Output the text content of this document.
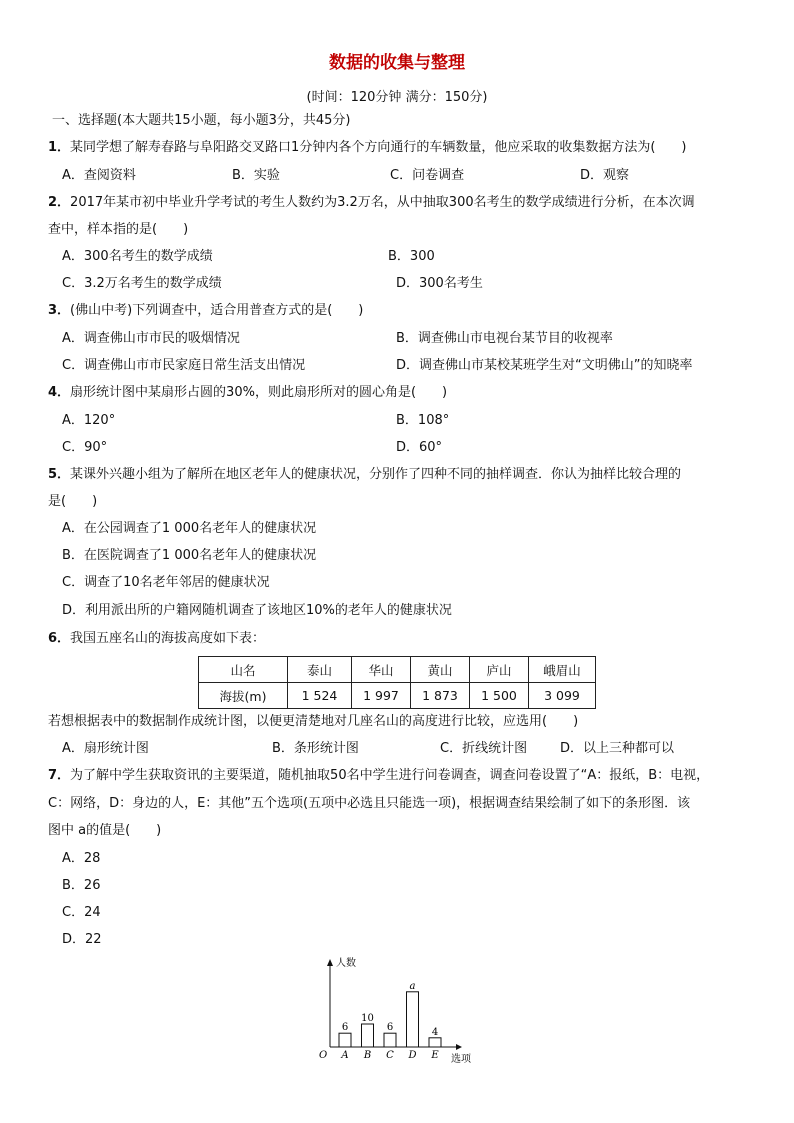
数据的收集与整理
(时间：120分钟 满分：150分)
一、选择题(本大题共15小题，每小题3分，共45分)
1．某同学想了解寿春路与阜阳路交叉路口1分钟内各个方向通行的车辆数量，他应采取的收集数据方法为(　　)
A．查阅资料	B．实验	C．问卷调查	D．观察
2．2017年某市初中毕业升学考试的考生人数约为3.2万名，从中抽取300名考生的数学成绩进行分析，在本次调
查中，样本指的是(　　)
A．300名考生的数学成绩	B．300
C．3.2万名考生的数学成绩	D．300名考生
3．(佛山中考)下列调查中，适合用普查方式的是(　　)
A．调查佛山市市民的吸烟情况	B．调查佛山市电视台某节目的收视率
C．调查佛山市市民家庭日常生活支出情况	D．调查佛山市某校某班学生对“文明佛山”的知晓率
4．扇形统计图中某扇形占圆的30%，则此扇形所对的圆心角是(　　)
A．120°	B．108°
C．90°	D．60°
5．某课外兴趣小组为了解所在地区老年人的健康状况，分别作了四种不同的抽样调查．你认为抽样比较合理的
是(　　)
A．在公园调查了1 000名老年人的健康状况
B．在医院调查了1 000名老年人的健康状况
C．调查了10名老年邻居的健康状况
D．利用派出所的户籍网随机调查了该地区10%的老年人的健康状况
6．我国五座名山的海拔高度如下表：
山名	泰山	华山	黄山	庐山	峨眉山
海拔(m)	1 524	1 997	1 873	1 500	3 099
若想根据表中的数据制作成统计图，以便更清楚地对几座名山的高度进行比较，应选用(　　)
A．扇形统计图	B．条形统计图	C．折线统计图	D．以上三种都可以
7．为了解中学生获取资讯的主要渠道，随机抽取50名中学生进行问卷调查，调查问卷设置了“A：报纸，B：电视，
C：网络，D：身边的人，E：其他”五个选项(五项中必选且只能选一项)，根据调查结果绘制了如下的条形图．该
图中 a的值是(　　)
A．28
B．26
C．24
D．22
人数
选项
O
6
A
10
B
6
C
a
D
4
E
